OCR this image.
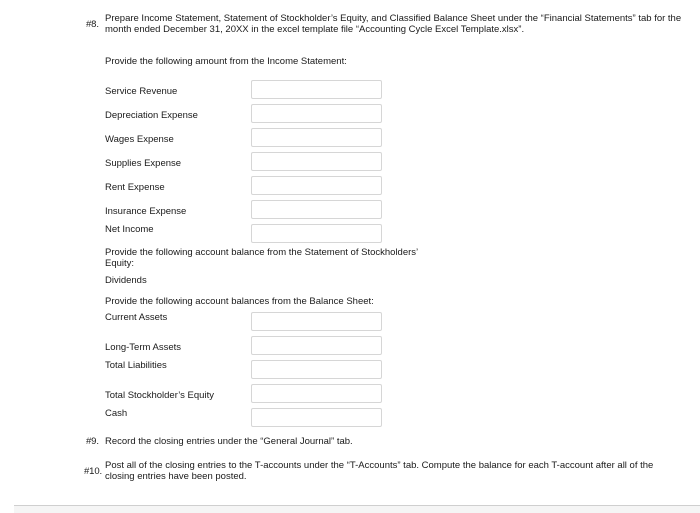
#8.
Prepare Income Statement, Statement of Stockholder’s Equity, and Classified Balance Sheet under the “Financial Statements” tab for the month ended December 31, 20XX in the excel template file “Accounting Cycle Excel Template.xlsx”.
Provide the following amount from the Income Statement:
Service Revenue
Depreciation Expense
Wages Expense
Supplies Expense
Rent Expense
Insurance Expense
Net Income
Provide the following account balance from the Statement of Stockholders’ Equity:
Dividends
Provide the following account balances from the Balance Sheet:
Current Assets
Long-Term Assets
Total Liabilities
Total Stockholder’s Equity
Cash
#9. Record the closing entries under the “General Journal” tab.
#10.
Post all of the closing entries to the T-accounts under the “T-Accounts” tab. Compute the balance for each T-account after all of the closing entries have been posted.
